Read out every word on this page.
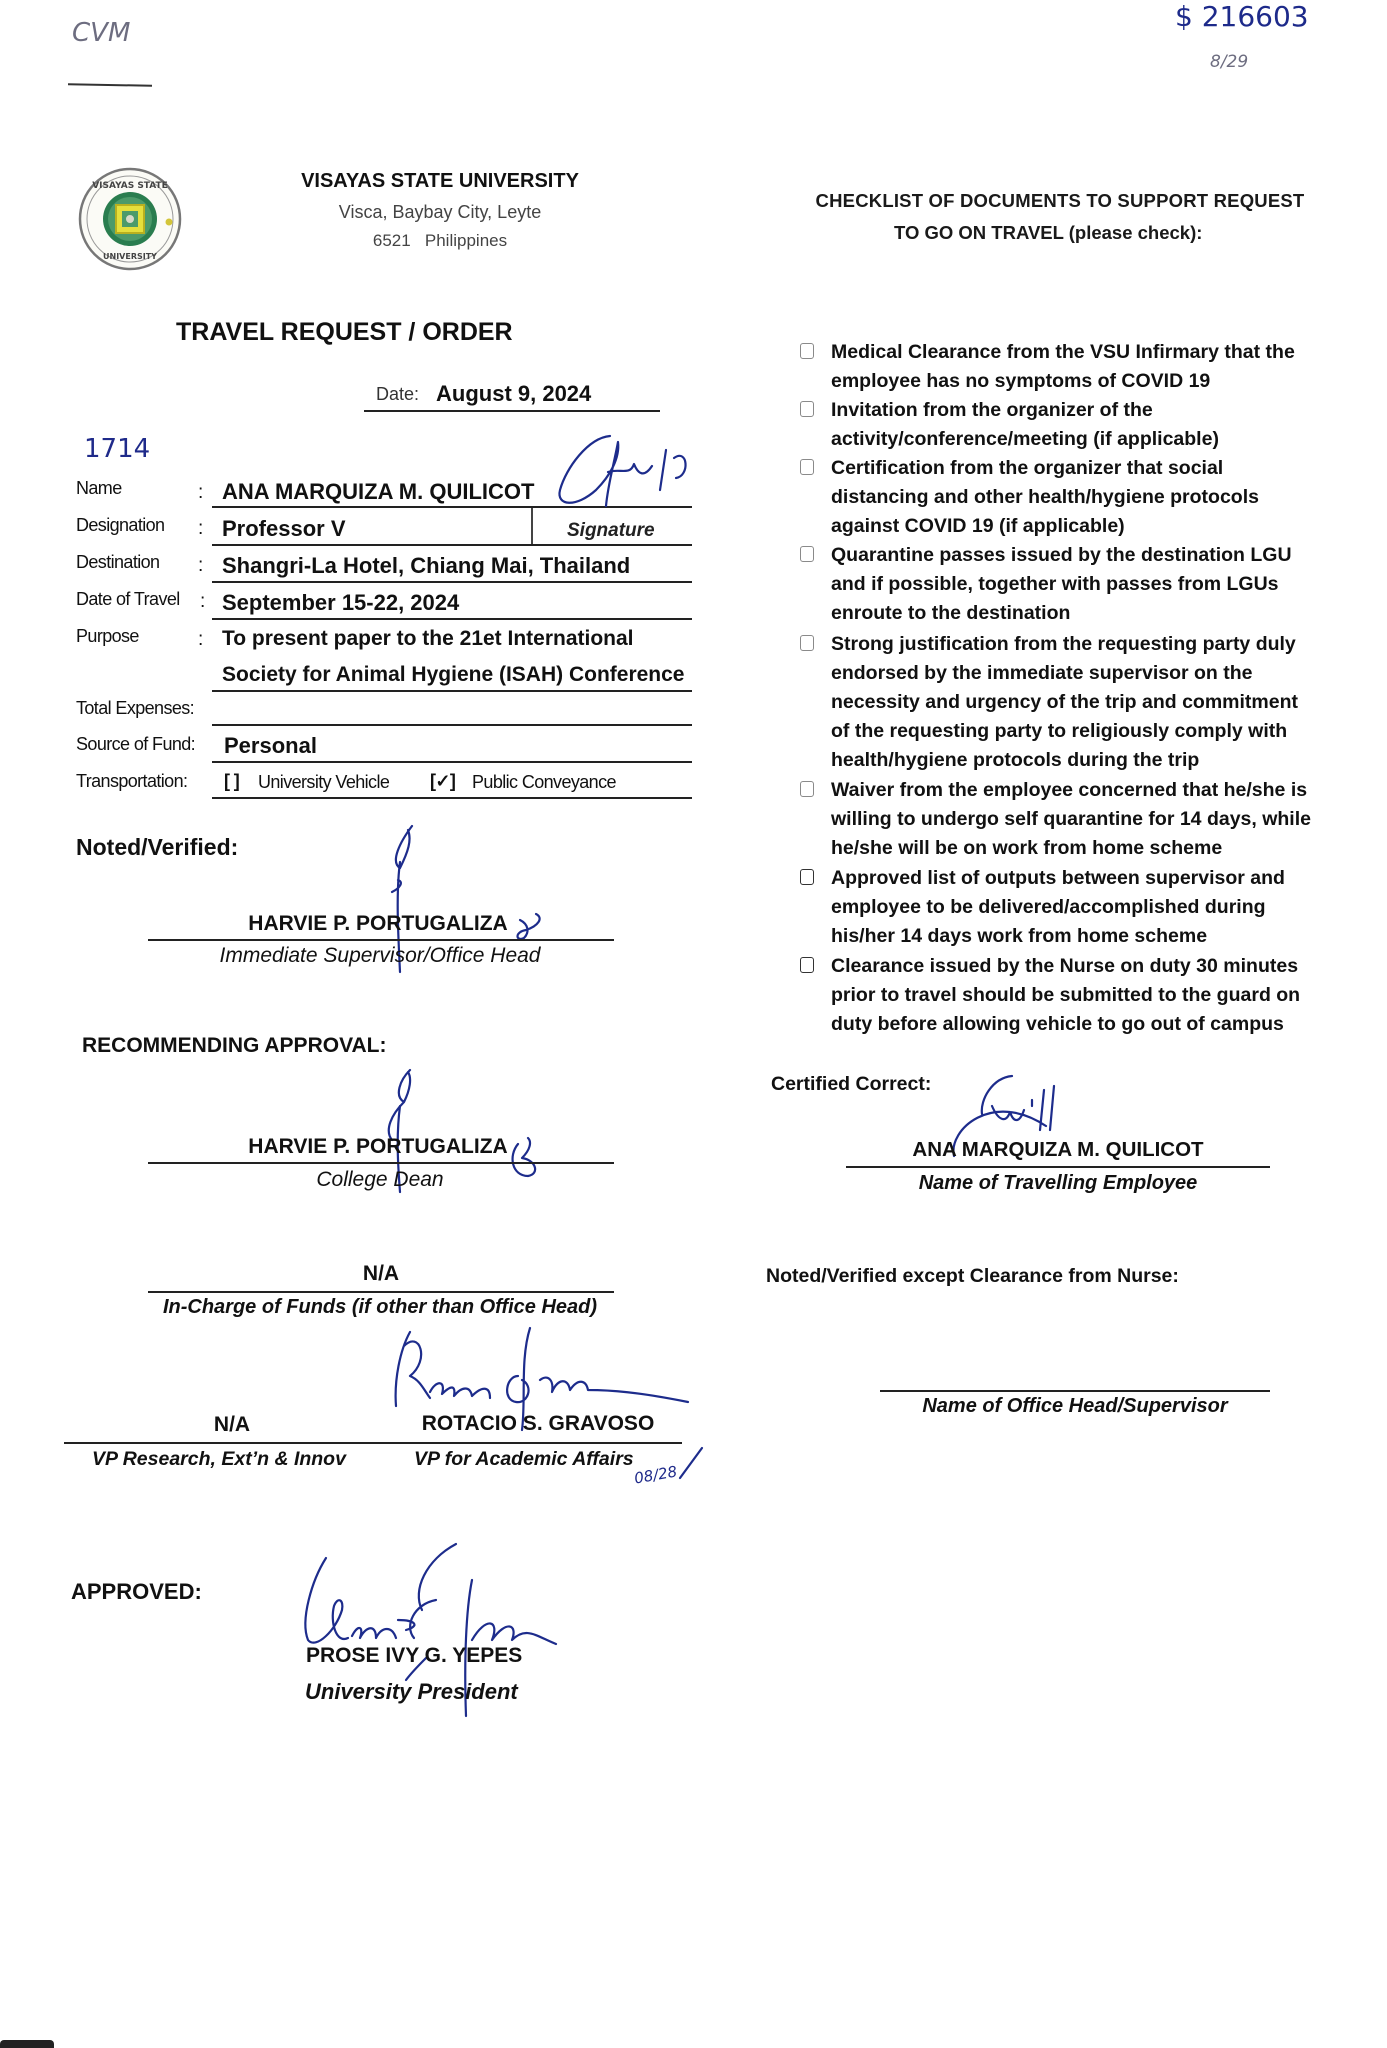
CVM	$ 216603
8/29
VISAYAS STATE
UNIVERSITY
VISAYAS STATE UNIVERSITY
Visca, Baybay City, Leyte
6521   Philippines
TRAVEL REQUEST / ORDER
Date: August 9, 2024
1714
Name	: ANA MARQUIZA M. QUILICOT
Designation : Professor V	Signature
Destination : Shangri-La Hotel, Chiang Mai, Thailand
Date of Travel : September 15-22, 2024
Purpose	: To present paper to the 21et International
Society for Animal Hygiene (ISAH) Conference
Total Expenses:
Source of Fund: Personal
Transportation: [ ] University Vehicle [✓] Public Conveyance
Noted/Verified:
HARVIE P. PORTUGALIZA
Immediate Supervisor/Office Head
RECOMMENDING APPROVAL:
HARVIE P. PORTUGALIZA
College Dean
N/A
In-Charge of Funds (if other than Office Head)
N/A	ROTACIO S. GRAVOSO
VP Research, Ext’n & Innov	VP for Academic Affairs
08/28
APPROVED:
PROSE IVY G. YEPES
University President
CHECKLIST OF DOCUMENTS TO SUPPORT REQUEST
TO GO ON TRAVEL (please check):
Medical Clearance from the VSU Infirmary that the
employee has no symptoms of COVID 19
Invitation from the organizer of the
activity/conference/meeting (if applicable)
Certification from the organizer that social
distancing and other health/hygiene protocols
against COVID 19 (if applicable)
Quarantine passes issued by the destination LGU
and if possible, together with passes from LGUs
enroute to the destination
Strong justification from the requesting party duly
endorsed by the immediate supervisor on the
necessity and urgency of the trip and commitment
of the requesting party to religiously comply with
health/hygiene protocols during the trip
Waiver from the employee concerned that he/she is
willing to undergo self quarantine for 14 days, while
he/she will be on work from home scheme
Approved list of outputs between supervisor and
employee to be delivered/accomplished during
his/her 14 days work from home scheme
Clearance issued by the Nurse on duty 30 minutes
prior to travel should be submitted to the guard on
duty before allowing vehicle to go out of campus
Certified Correct:
ANA MARQUIZA M. QUILICOT
Name of Travelling Employee
Noted/Verified except Clearance from Nurse:
Name of Office Head/Supervisor
